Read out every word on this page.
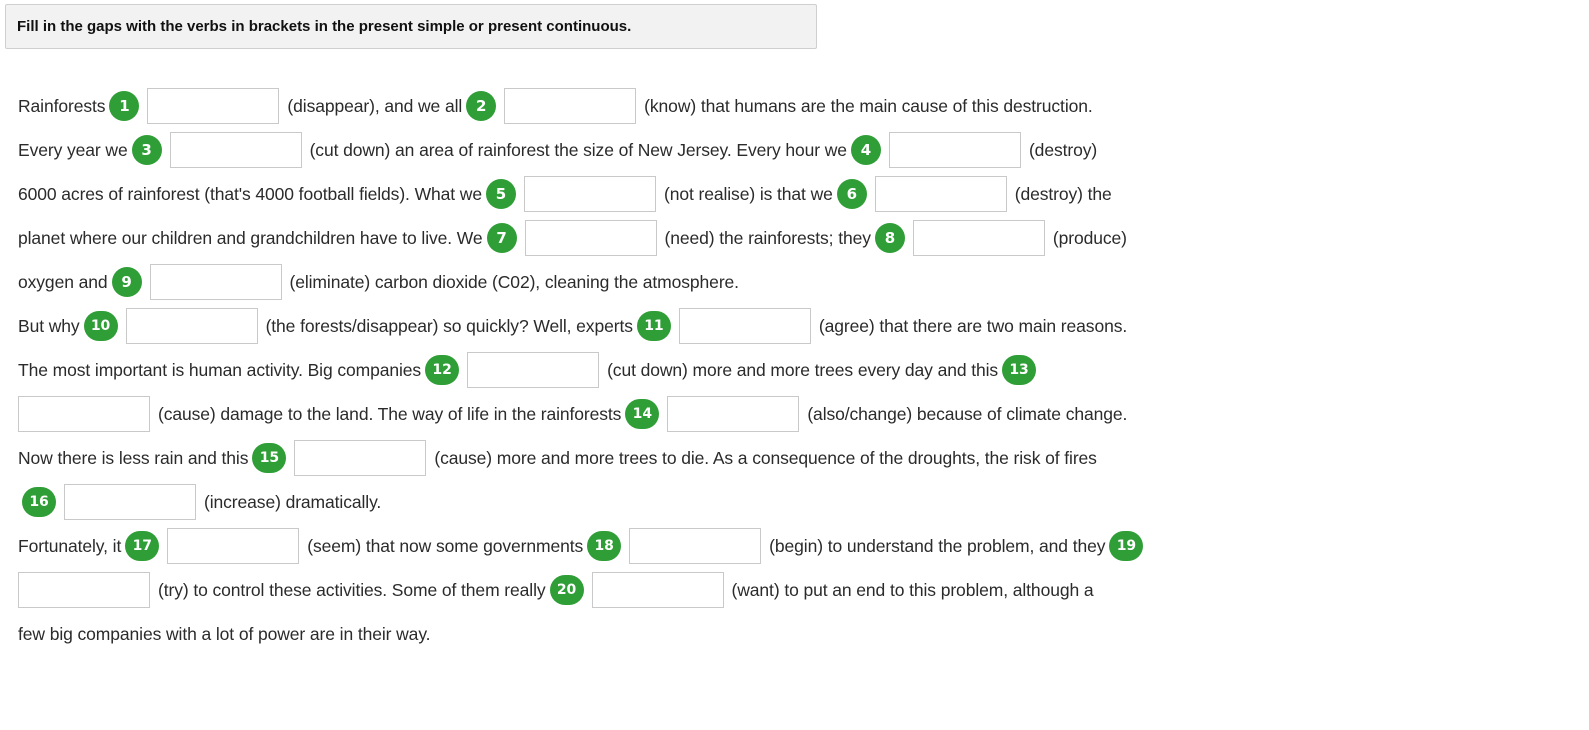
Fill in the gaps with the verbs in brackets in the present simple or present continuous.
Rainforests 1	(disappear), and we all 2	(know) that humans are the main cause of this destruction.
Every year we 3	(cut down) an area of rainforest the size of New Jersey. Every hour we 4	(destroy)
6000 acres of rainforest (that's 4000 football fields). What we 5	(not realise) is that we 6	(destroy) the
planet where our children and grandchildren have to live. We 7	(need) the rainforests; they 8	(produce)
oxygen and 9	(eliminate) carbon dioxide (C02), cleaning the atmosphere.
But why 10	(the forests/disappear) so quickly? Well, experts 11	(agree) that there are two main reasons.
The most important is human activity. Big companies 12	(cut down) more and more trees every day and this 13
(cause) damage to the land. The way of life in the rainforests 14	(also/change) because of climate change.
Now there is less rain and this 15	(cause) more and more trees to die. As a consequence of the droughts, the risk of fires
16	(increase) dramatically.
Fortunately, it 17	(seem) that now some governments 18	(begin) to understand the problem, and they 19
(try) to control these activities. Some of them really 20	(want) to put an end to this problem, although a
few big companies with a lot of power are in their way.
